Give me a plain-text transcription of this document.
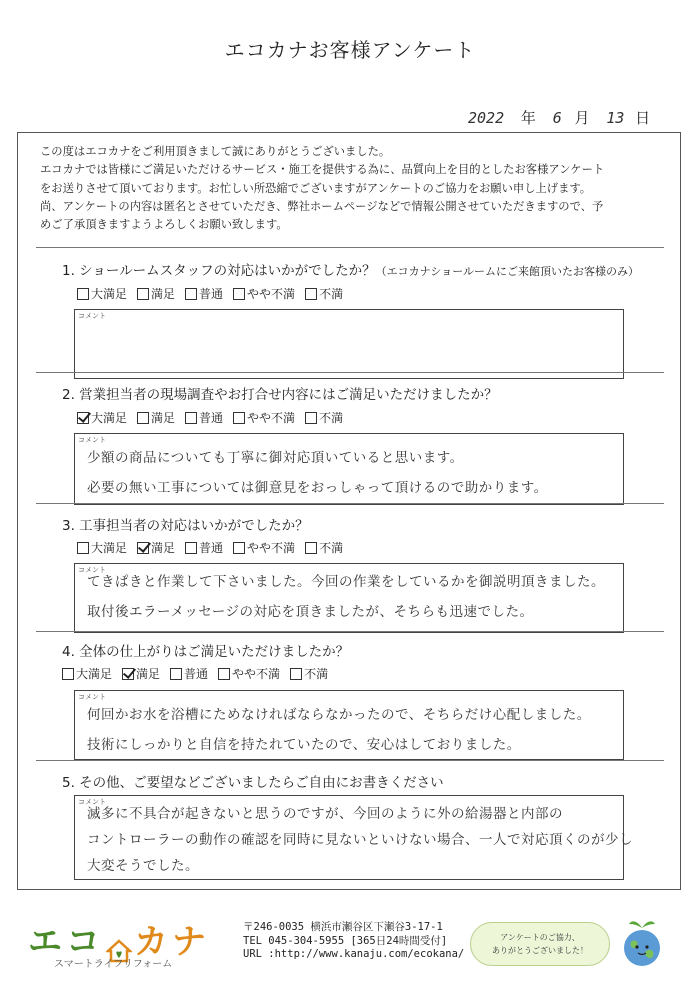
エコカナお客様アンケート
2022 年 6 月 13 日
この度はエコカナをご利用頂きまして誠にありがとうございました。
エコカナでは皆様にご満足いただけるサービス・施工を提供する為に、品質向上を目的としたお客様アンケート
をお送りさせて頂いております。お忙しい所恐縮でございますがアンケートのご協力をお願い申し上げます。
尚、アンケートの内容は匿名とさせていただき、弊社ホームページなどで情報公開させていただきますので、予
めご了承頂きますようよろしくお願い致します。
1. ショールームスタッフの対応はいかがでしたか？（エコカナショールームにご来館頂いたお客様のみ）
大満足 満足 普通 やや不満 不満
コメント
2. 営業担当者の現場調査やお打合せ内容にはご満足いただけましたか？
大満足 満足 普通 やや不満 不満
コメント
少額の商品についても丁寧に御対応頂いていると思います。
必要の無い工事については御意見をおっしゃって頂けるので助かります。
3. 工事担当者の対応はいかがでしたか？
大満足 満足 普通 やや不満 不満
コメント
てきぱきと作業して下さいました。今回の作業をしているかを御説明頂きました。
取付後エラーメッセージの対応を頂きましたが、そちらも迅速でした。
4. 全体の仕上がりはご満足いただけましたか？
大満足 満足 普通 やや不満 不満
コメント
何回かお水を浴槽にためなければならなかったので、そちらだけ心配しました。
技術にしっかりと自信を持たれていたので、安心はしておりました。
5. その他、ご要望などございましたらご自由にお書きください
コメント
滅多に不具合が起きないと思うのですが、今回のように外の給湯器と内部の
コントローラーの動作の確認を同時に見ないといけない場合、一人で対応頂くのが少し
大変そうでした。
エコ カナ
スマートライフリフォーム
〒246-0035 横浜市瀬谷区下瀬谷3-17-1
TEL 045-304-5955 [365日24時間受付]
URL :http://www.kanaju.com/ecokana/
アンケートのご協力、
ありがとうございました！
